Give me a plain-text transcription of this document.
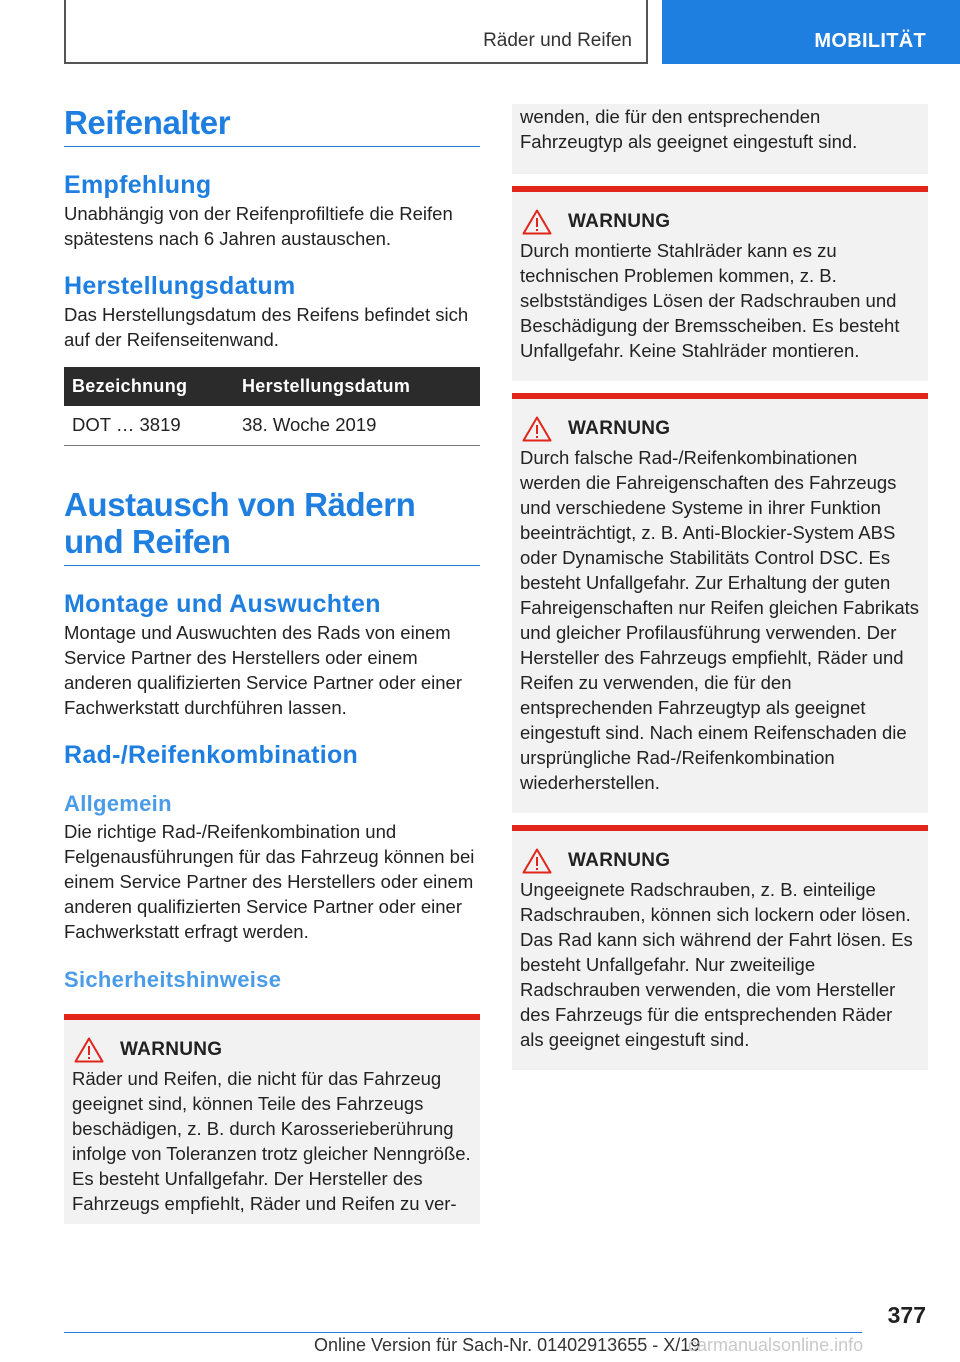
Räder und Reifen	MOBILITÄT
Reifenalter
Empfehlung
Unabhängig von der Reifenprofiltiefe die Reifen spätestens nach 6 Jahren austauschen.
Herstellungsdatum
Das Herstellungsdatum des Reifens befindet sich auf der Reifenseitenwand.
Bezeichnung	Herstellungsdatum
DOT … 3819	38. Woche 2019
Austausch von Rädern und Reifen
Montage und Auswuchten
Montage und Auswuchten des Rads von einem Service Partner des Herstellers oder einem anderen qualifizierten Service Partner oder einer Fachwerkstatt durchführen lassen.
Rad-/Reifenkombination
Allgemein
Die richtige Rad-/Reifenkombination und Felgenausführungen für das Fahrzeug können bei einem Service Partner des Herstellers oder einem anderen qualifizierten Service Partner oder einer Fachwerkstatt erfragt werden.
Sicherheitshinweise
WARNUNG
Räder und Reifen, die nicht für das Fahrzeug geeignet sind, können Teile des Fahrzeugs beschädigen, z. B. durch Karosserieberührung infolge von Toleranzen trotz gleicher Nenngröße. Es besteht Unfallgefahr. Der Hersteller des Fahrzeugs empfiehlt, Räder und Reifen zu ver-
wenden, die für den entsprechenden Fahrzeugtyp als geeignet eingestuft sind.
WARNUNG
Durch montierte Stahlräder kann es zu technischen Problemen kommen, z. B. selbstständiges Lösen der Radschrauben und Beschädigung der Bremsscheiben. Es besteht Unfallgefahr. Keine Stahlräder montieren.
WARNUNG
Durch falsche Rad-/Reifenkombinationen werden die Fahreigenschaften des Fahrzeugs und verschiedene Systeme in ihrer Funktion beeinträchtigt, z. B. Anti-Blockier-System ABS oder Dynamische Stabilitäts Control DSC. Es besteht Unfallgefahr. Zur Erhaltung der guten Fahreigenschaften nur Reifen gleichen Fabrikats und gleicher Profilausführung verwenden. Der Hersteller des Fahrzeugs empfiehlt, Räder und Reifen zu verwenden, die für den entsprechenden Fahrzeugtyp als geeignet eingestuft sind. Nach einem Reifenschaden die ursprüngliche Rad-/Reifenkombination wiederherstellen.
WARNUNG
Ungeeignete Radschrauben, z. B. einteilige Radschrauben, können sich lockern oder lösen. Das Rad kann sich während der Fahrt lösen. Es besteht Unfallgefahr. Nur zweiteilige Radschrauben verwenden, die vom Hersteller des Fahrzeugs für die entsprechenden Räder als geeignet eingestuft sind.
377
Online Version für Sach-Nr. 01402913655 - X/19
carmanualsonline.info
